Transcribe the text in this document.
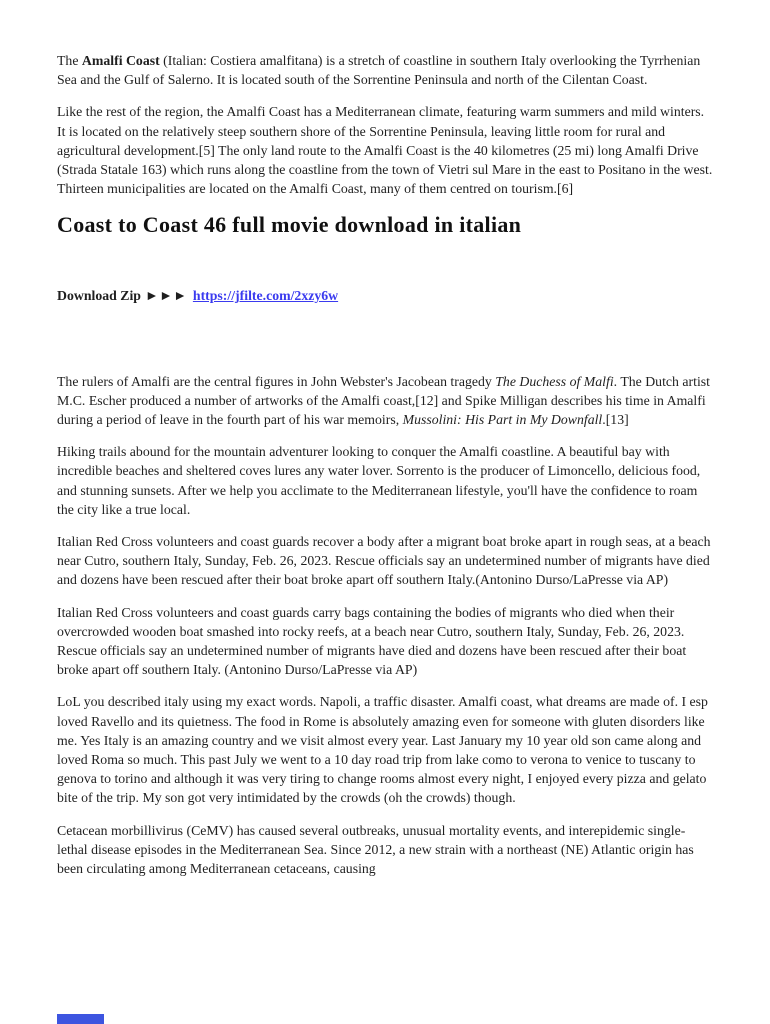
The Amalfi Coast (Italian: Costiera amalfitana) is a stretch of coastline in southern Italy overlooking the Tyrrhenian Sea and the Gulf of Salerno. It is located south of the Sorrentine Peninsula and north of the Cilentan Coast.

Like the rest of the region, the Amalfi Coast has a Mediterranean climate, featuring warm summers and mild winters. It is located on the relatively steep southern shore of the Sorrentine Peninsula, leaving little room for rural and agricultural development.[5] The only land route to the Amalfi Coast is the 40 kilometres (25 mi) long Amalfi Drive (Strada Statale 163) which runs along the coastline from the town of Vietri sul Mare in the east to Positano in the west. Thirteen municipalities are located on the Amalfi Coast, many of them centred on tourism.[6]

Coast to Coast 46 full movie download in italian

Download Zip ►►► https://jfilte.com/2xzy6w

The rulers of Amalfi are the central figures in John Webster's Jacobean tragedy The Duchess of Malfi. The Dutch artist M.C. Escher produced a number of artworks of the Amalfi coast,[12] and Spike Milligan describes his time in Amalfi during a period of leave in the fourth part of his war memoirs, Mussolini: His Part in My Downfall.[13]

Hiking trails abound for the mountain adventurer looking to conquer the Amalfi coastline. A beautiful bay with incredible beaches and sheltered coves lures any water lover. Sorrento is the producer of Limoncello, delicious food, and stunning sunsets. After we help you acclimate to the Mediterranean lifestyle, you'll have the confidence to roam the city like a true local.

Italian Red Cross volunteers and coast guards recover a body after a migrant boat broke apart in rough seas, at a beach near Cutro, southern Italy, Sunday, Feb. 26, 2023. Rescue officials say an undetermined number of migrants have died and dozens have been rescued after their boat broke apart off southern Italy.(Antonino Durso/LaPresse via AP)

Italian Red Cross volunteers and coast guards carry bags containing the bodies of migrants who died when their overcrowded wooden boat smashed into rocky reefs, at a beach near Cutro, southern Italy, Sunday, Feb. 26, 2023. Rescue officials say an undetermined number of migrants have died and dozens have been rescued after their boat broke apart off southern Italy. (Antonino Durso/LaPresse via AP)

LoL you described italy using my exact words. Napoli, a traffic disaster. Amalfi coast, what dreams are made of. I esp loved Ravello and its quietness. The food in Rome is absolutely amazing even for someone with gluten disorders like me. Yes Italy is an amazing country and we visit almost every year. Last January my 10 year old son came along and loved Roma so much. This past July we went to a 10 day road trip from lake como to verona to venice to tuscany to genova to torino and although it was very tiring to change rooms almost every night, I enjoyed every pizza and gelato bite of the trip. My son got very intimidated by the crowds (oh the crowds) though.

Cetacean morbillivirus (CeMV) has caused several outbreaks, unusual mortality events, and interepidemic single-lethal disease episodes in the Mediterranean Sea. Since 2012, a new strain with a northeast (NE) Atlantic origin has been circulating among Mediterranean cetaceans, causing
